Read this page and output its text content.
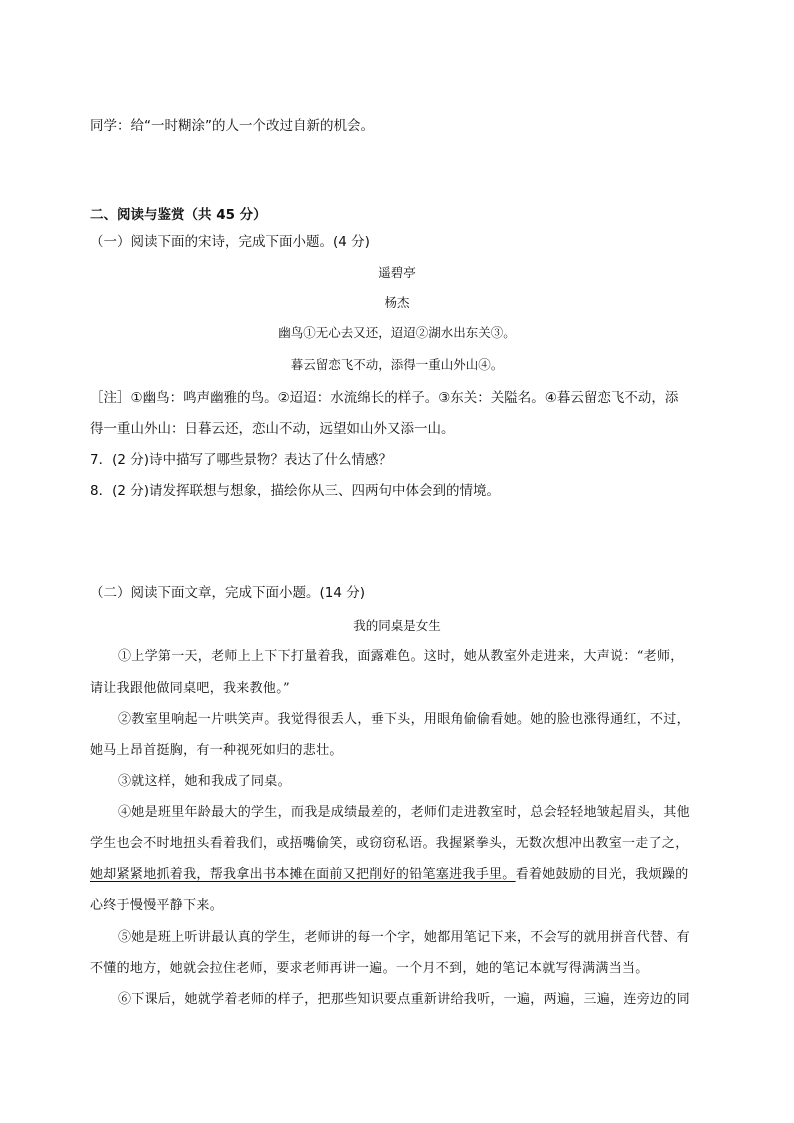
同学：给“一时糊涂”的人一个改过自新的机会。
二、阅读与鉴赏（共 45 分）
（一）阅读下面的宋诗，完成下面小题。(4 分)
遥碧亭
杨杰
幽鸟①无心去又还，迢迢②湖水出东关③。
暮云留恋飞不动，添得一重山外山④。
［注］①幽鸟：鸣声幽雅的鸟。②迢迢：水流绵长的样子。③东关：关隘名。④暮云留恋飞不动，添
得一重山外山：日暮云还，恋山不动，远望如山外又添一山。
7．(2 分)诗中描写了哪些景物？表达了什么情感？
8．(2 分)请发挥联想与想象，描绘你从三、四两句中体会到的情境。
（二）阅读下面文章，完成下面小题。(14 分)
我的同桌是女生
①上学第一天，老师上上下下打量着我，面露难色。这时，她从教室外走进来，大声说：“老师，
请让我跟他做同桌吧，我来教他。”
②教室里响起一片哄笑声。我觉得很丢人，垂下头，用眼角偷偷看她。她的脸也涨得通红，不过，
她马上昂首挺胸，有一种视死如归的悲壮。
③就这样，她和我成了同桌。
④她是班里年龄最大的学生，而我是成绩最差的，老师们走进教室时，总会轻轻地皱起眉头，其他
学生也会不时地扭头看着我们，或捂嘴偷笑，或窃窃私语。我握紧拳头，无数次想冲出教室一走了之，
她却紧紧地抓着我，帮我拿出书本摊在面前又把削好的铅笔塞进我手里。看着她鼓励的目光，我烦躁的
心终于慢慢平静下来。
⑤她是班上听讲最认真的学生，老师讲的每一个字，她都用笔记下来，不会写的就用拼音代替、有
不懂的地方，她就会拉住老师，要求老师再讲一遍。一个月不到，她的笔记本就写得满满当当。
⑥下课后，她就学着老师的样子，把那些知识要点重新讲给我听，一遍，两遍，三遍，连旁边的同
